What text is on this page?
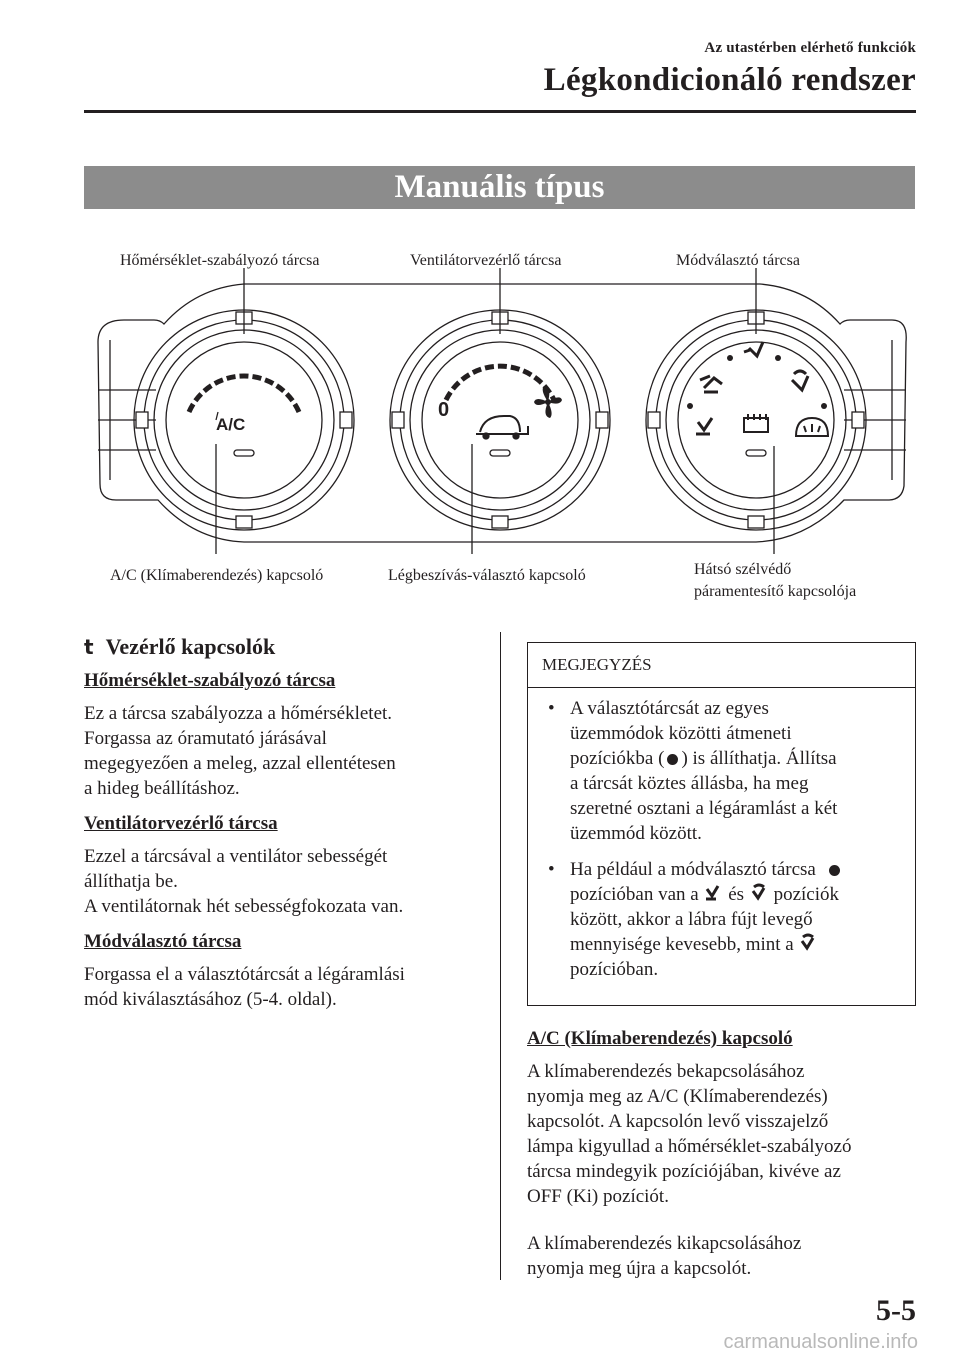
Az utastérben elérhető funkciók
Légkondicionáló rendszer
Manuális típus
A/C
0
Hőmérséklet-szabályozó tárcsa	Ventilátorvezérlő tárcsa	Módválasztó tárcsa
A/C (Klímaberendezés) kapcsoló	Légbeszívás-választó kapcsoló	Hátsó szélvédő
páramentesítő kapcsolója
t Vezérlő kapcsolók
Hőmérséklet-szabályozó tárcsa

Ez a tárcsa szabályozza a hőmérsékletet.
Forgassa az óramutató járásával
megegyezően a meleg, azzal ellentétesen
a hideg beállításhoz.

Ventilátorvezérlő tárcsa

Ezzel a tárcsával a ventilátor sebességét
állíthatja be.
A ventilátornak hét sebességfokozata van.

Módválasztó tárcsa

Forgassa el a választótárcsát a légáramlási
mód kiválasztásához (5-4. oldal).

MEGJEGYZÉS
• A választótárcsát az egyes
üzemmódok közötti átmeneti
pozíciókba ( ) is állíthatja. Állítsa
a tárcsát köztes állásba, ha meg
szeretné osztani a légáramlást a két
üzemmód között.
• Ha például a módválasztó tárcsa
pozícióban van a és pozíciók
között, akkor a lábra fújt levegő
mennyisége kevesebb, mint a
pozícióban.
A/C (Klímaberendezés) kapcsoló

A klímaberendezés bekapcsolásához
nyomja meg az A/C (Klímaberendezés)
kapcsolót. A kapcsolón levő visszajelző
lámpa kigyullad a hőmérséklet-szabályozó
tárcsa mindegyik pozíciójában, kivéve az
OFF (Ki) pozíciót.

A klímaberendezés kikapcsolásához
nyomja meg újra a kapcsolót.

5-5
carmanualsonline.info
